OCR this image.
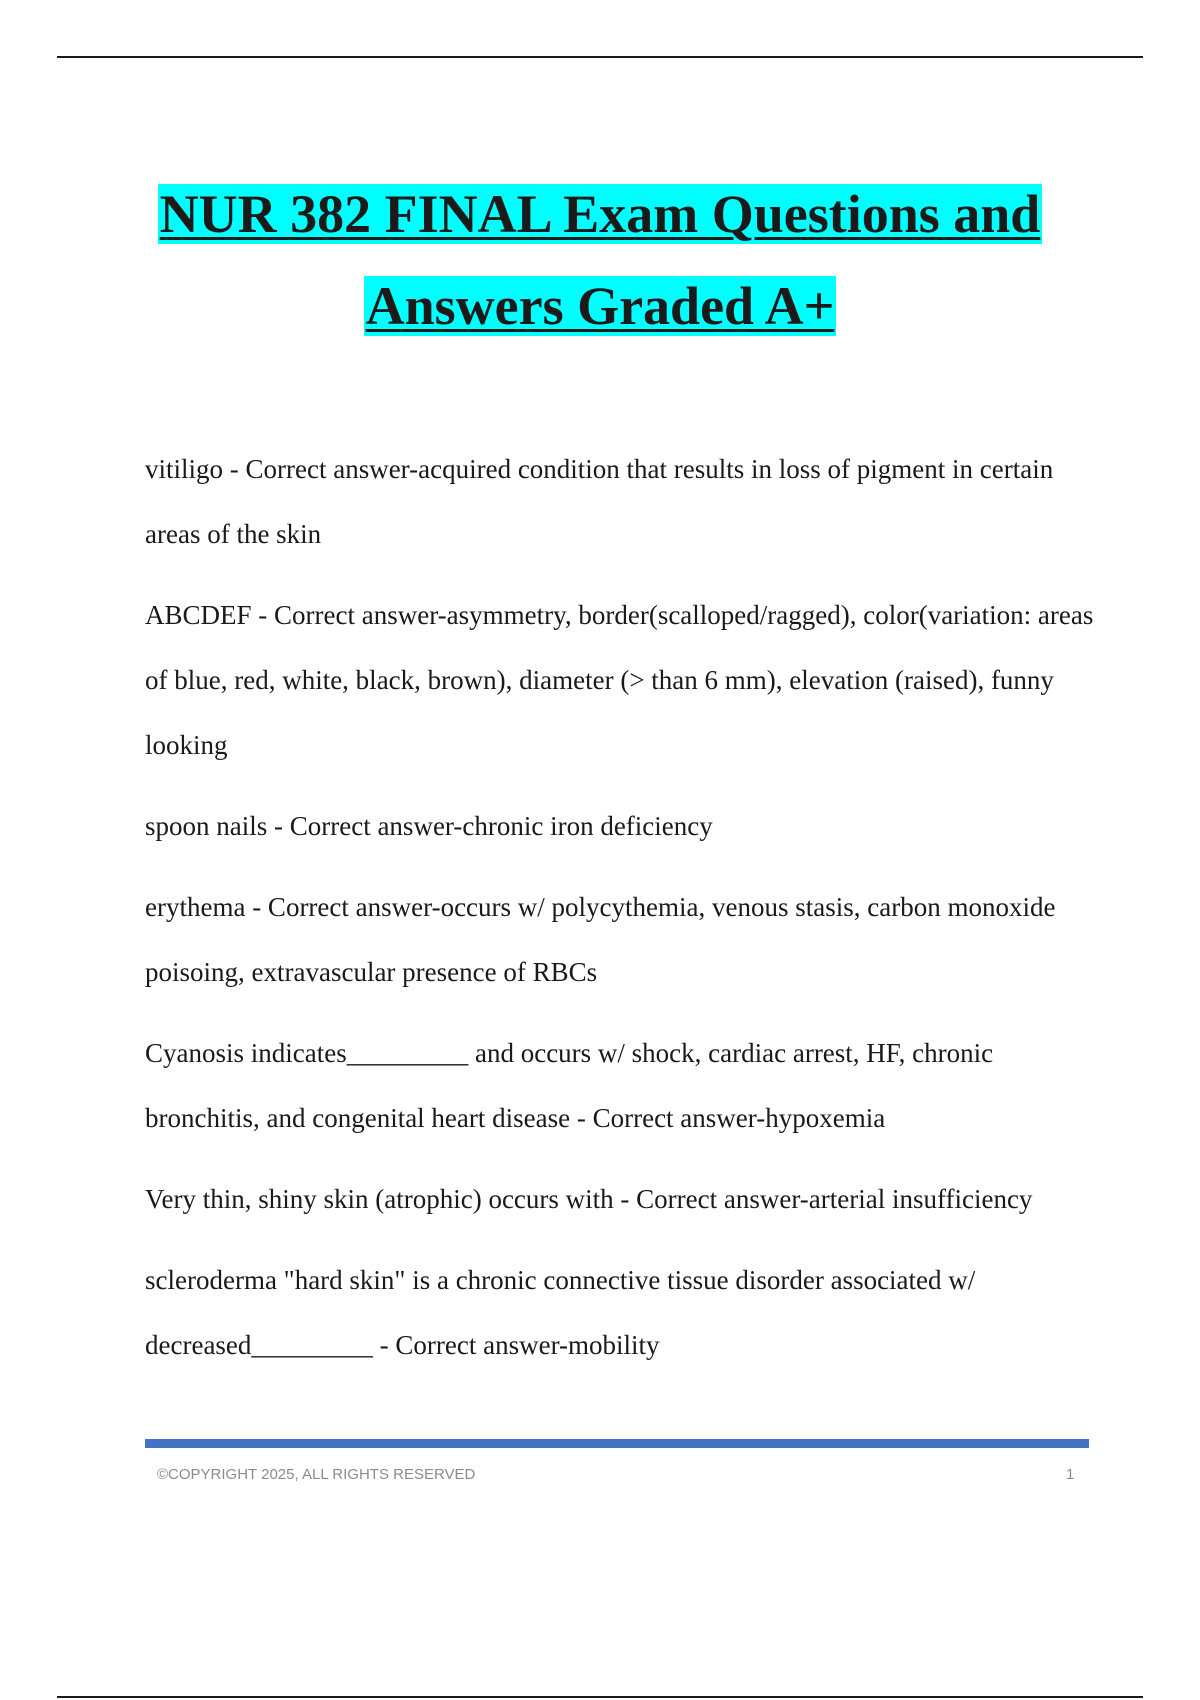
NUR 382 FINAL Exam Questions and
Answers Graded A+
vitiligo - Correct answer-acquired condition that results in loss of pigment in certain areas of the skin
ABCDEF - Correct answer-asymmetry, border(scalloped/ragged), color(variation: areas of blue, red, white, black, brown), diameter (> than 6 mm), elevation (raised), funny looking
spoon nails - Correct answer-chronic iron deficiency
erythema - Correct answer-occurs w/ polycythemia, venous stasis, carbon monoxide poisoing, extravascular presence of RBCs
Cyanosis indicates_________ and occurs w/ shock, cardiac arrest, HF, chronic bronchitis, and congenital heart disease - Correct answer-hypoxemia
Very thin, shiny skin (atrophic) occurs with - Correct answer-arterial insufficiency
scleroderma "hard skin" is a chronic connective tissue disorder associated w/ decreased_________ - Correct answer-mobility
©COPYRIGHT 2025, ALL RIGHTS RESERVED	1
